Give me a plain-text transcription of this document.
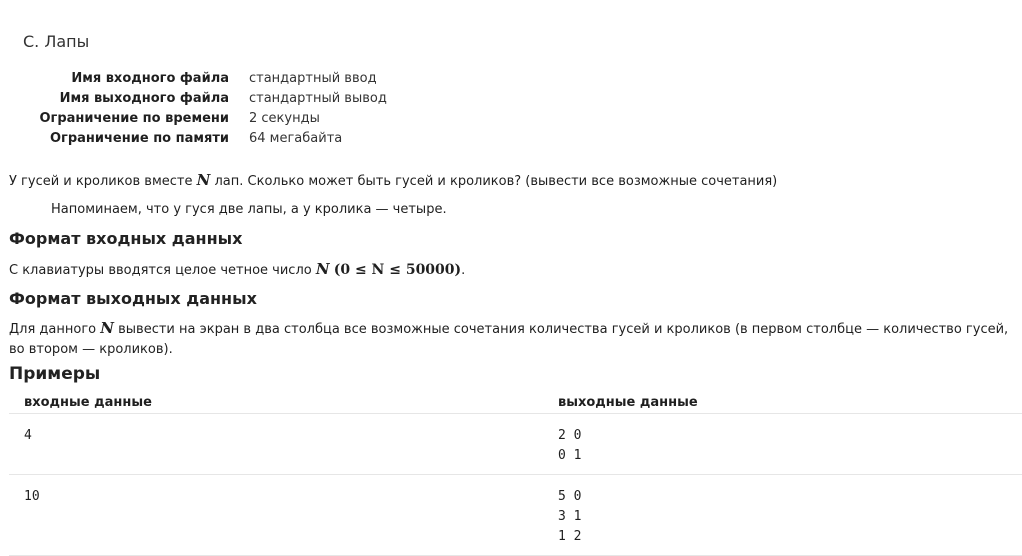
C. Лапы
Имя входного файла	стандартный ввод
Имя выходного файла	стандартный вывод
Ограничение по времени	2 секунды
Ограничение по памяти	64 мегабайта
У гусей и кроликов вместе N лап. Сколько может быть гусей и кроликов? (вывести все возможные сочетания)
Напоминаем, что у гуся две лапы, а у кролика — четыре.
Формат входных данных
С клавиатуры вводятся целое четное число N (0 ≤ N ≤ 50000).
Формат выходных данных
Для данного N вывести на экран в два столбца все возможные сочетания количества гусей и кроликов (в первом столбце — количество гусей, во втором — кроликов).
Примеры
входные данные	выходные данные
4	2 0
0 1
10	5 0
3 1
1 2
